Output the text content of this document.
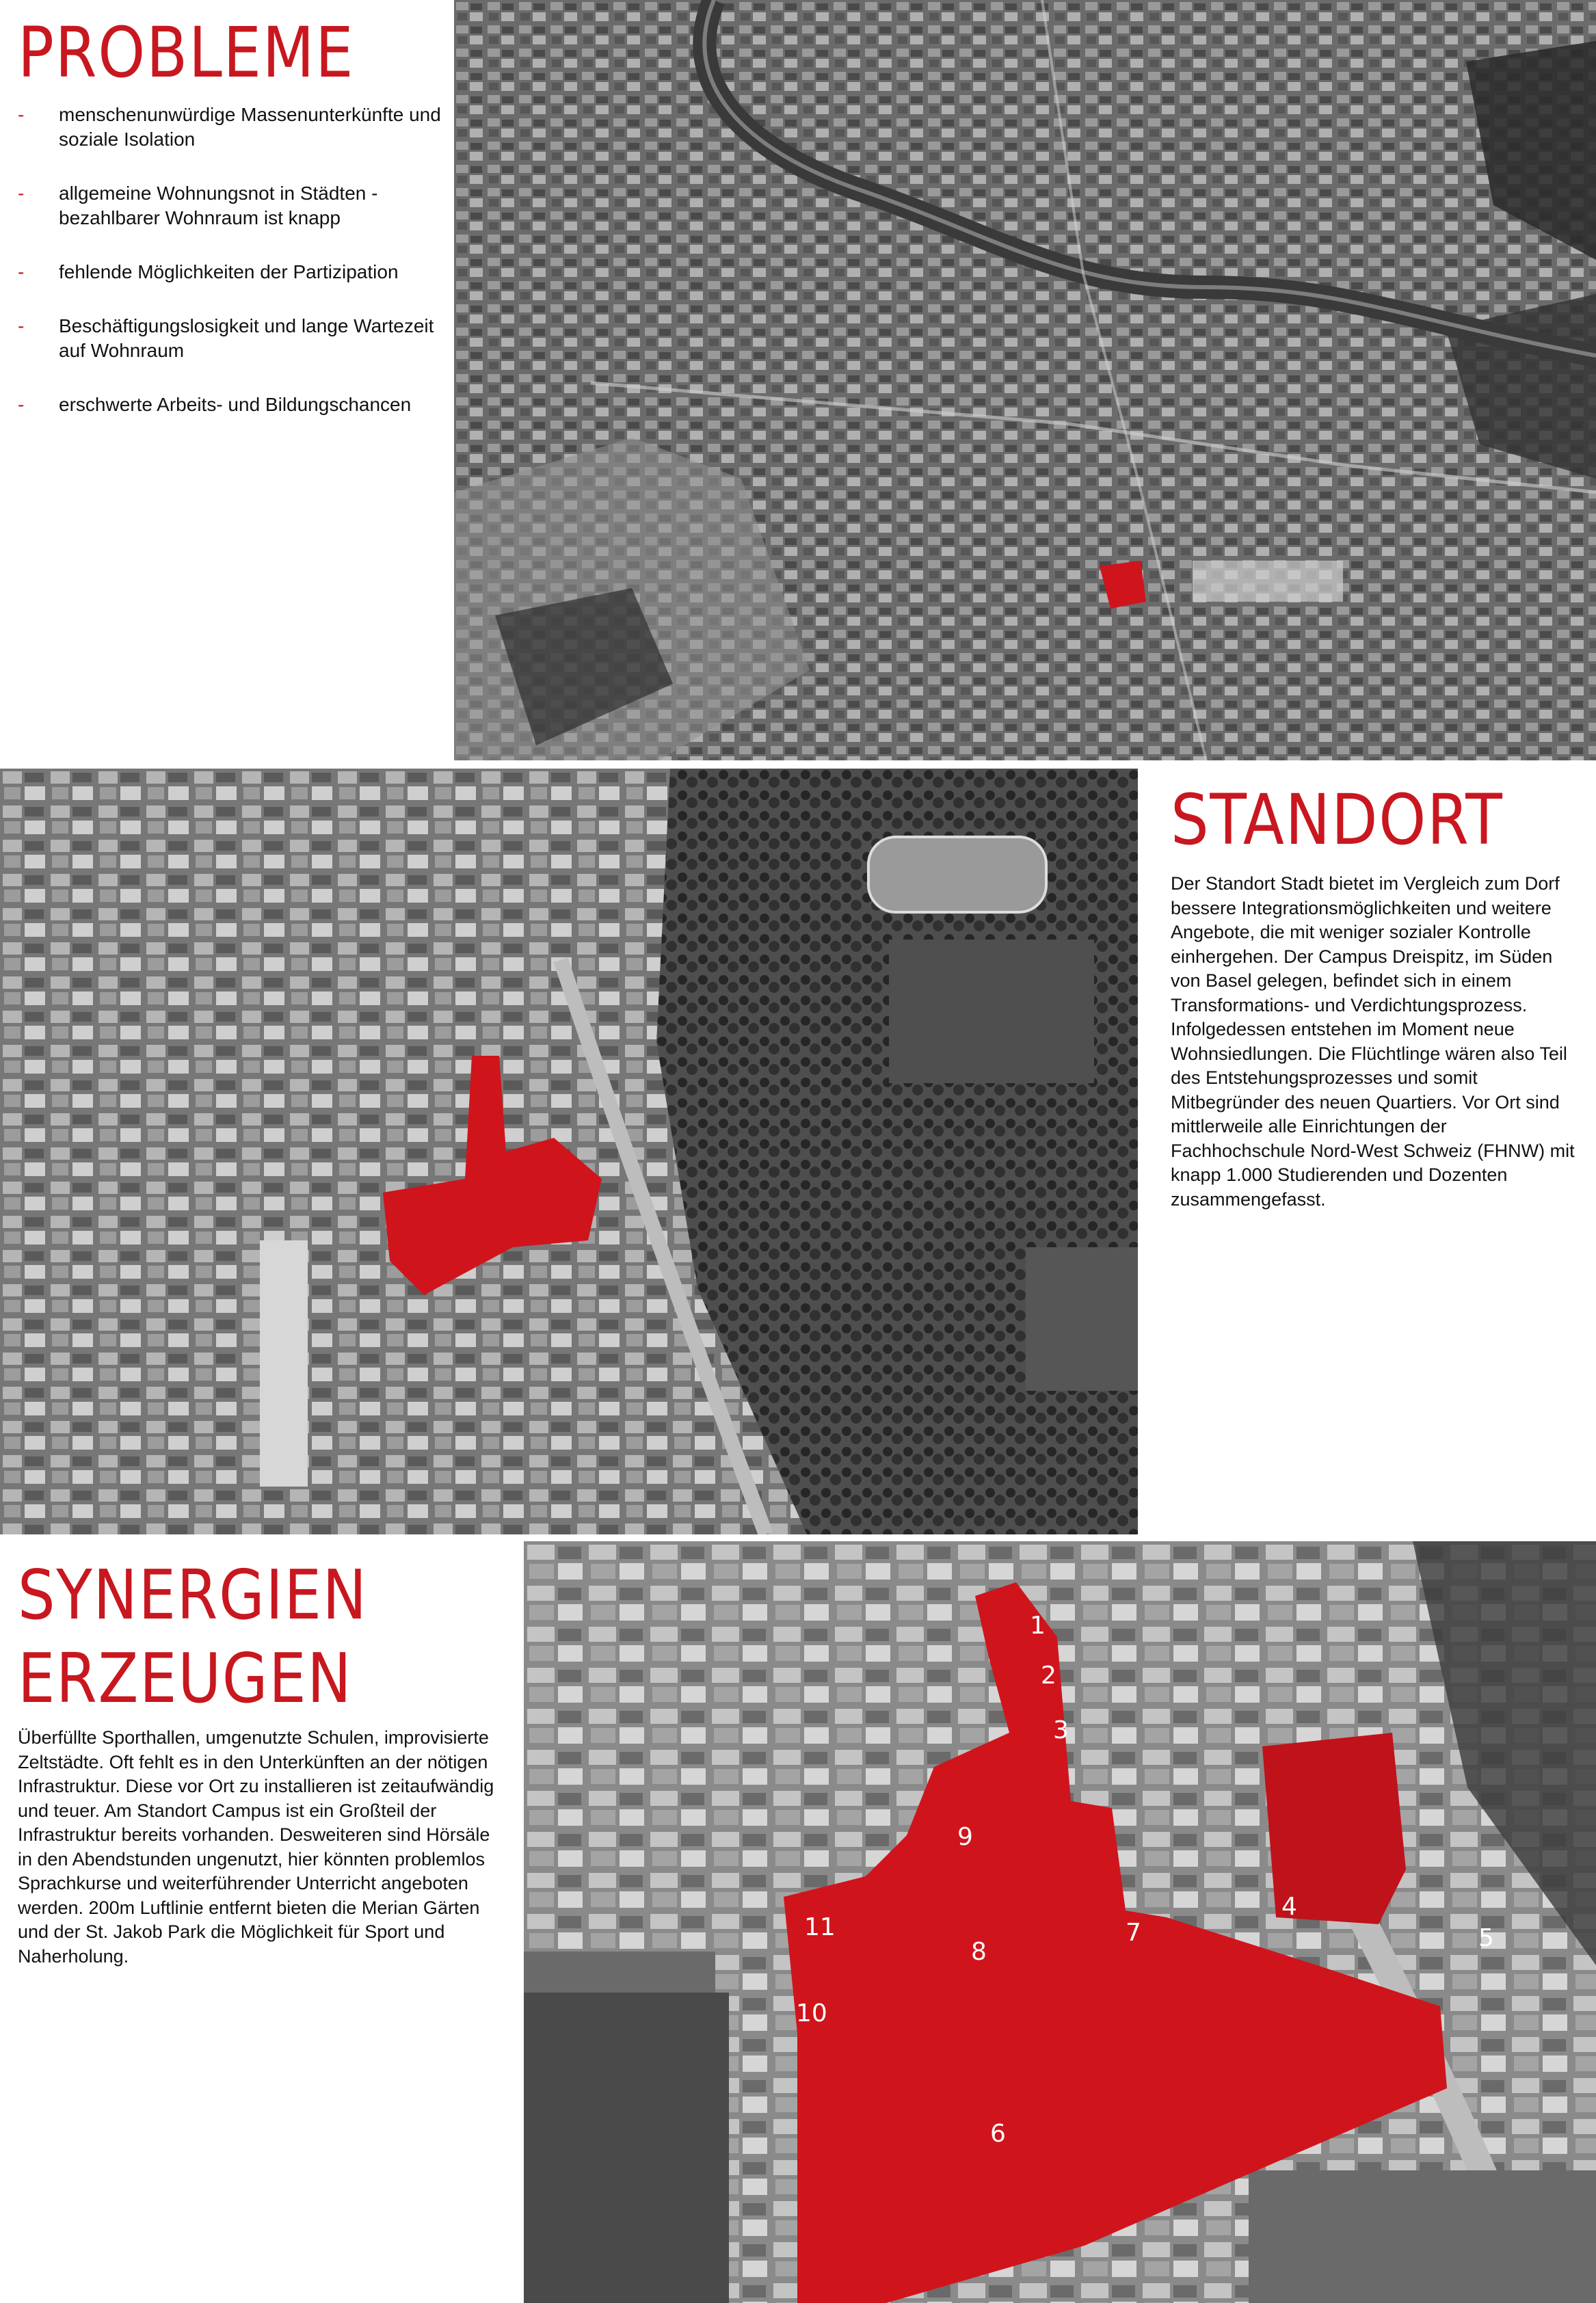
PROBLEME
- menschenunwürdige Massenunterkünfte und soziale Isolation
- allgemeine Wohnungsnot in Städten - bezahlbarer Wohnraum ist knapp
- fehlende Möglichkeiten der Partizipation
- Beschäftigungslosigkeit und lange Wartezeit auf Wohnraum
- erschwerte Arbeits- und Bildungschancen
STANDORT

Der Standort Stadt bietet im Vergleich zum Dorf bessere Integrationsmöglichkeiten und weitere Angebote, die mit weniger sozialer Kontrolle einhergehen. Der Campus Dreispitz, im Süden von Basel gelegen, befindet sich in einem Transformations- und Verdichtungsprozess. Infolgedessen entstehen im Moment neue Wohnsiedlungen. Die Flüchtlinge wären also Teil des Entstehungsprozesses und somit Mitbegründer des neuen Quartiers. Vor Ort sind mittlerweile alle Einrichtungen der Fachhochschule Nord-West Schweiz (FHNW) mit knapp 1.000 Studierenden und Dozenten zusammengefasst.

SYNERGIEN ERZEUGEN

Überfüllte Sporthallen, umgenutzte Schulen, improvisierte Zeltstädte. Oft fehlt es in den Unterkünften an der nötigen Infrastruktur. Diese vor Ort zu installieren ist zeitaufwändig und teuer. Am Standort Campus ist ein Großteil der Infrastruktur bereits vorhanden. Desweiteren sind Hörsäle in den Abendstunden ungenutzt, hier könnten problemlos Sprachkurse und weiterführender Unterricht angeboten werden. 200m Luftlinie entfernt bieten die Merian Gärten und der St. Jakob Park die Möglichkeit für Sport und Naherholung.

1
2
3
4
5
6
7
8
9
10
11
